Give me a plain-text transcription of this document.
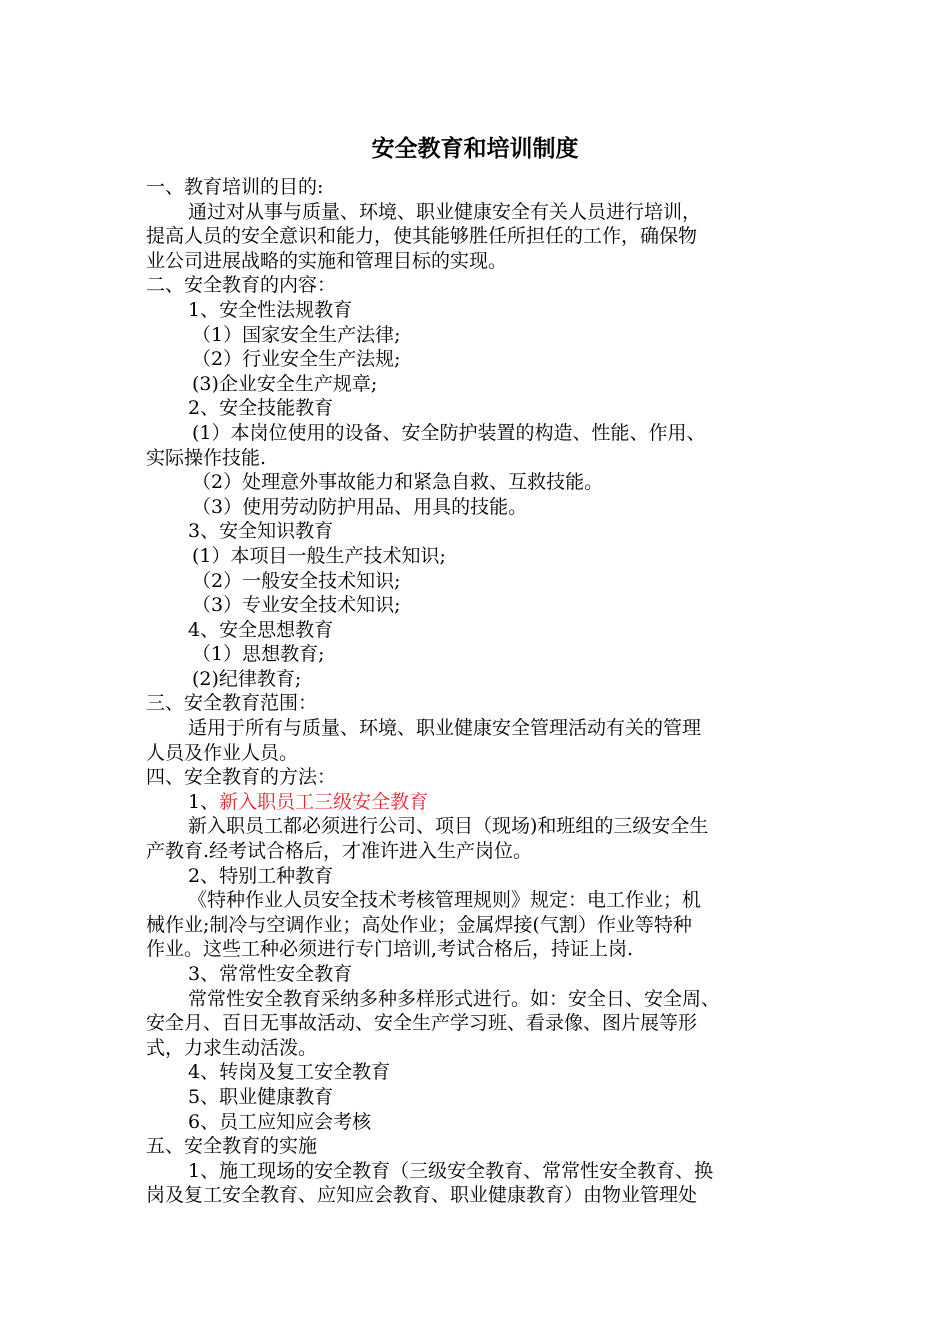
安全教育和培训制度
一、教育培训的目的:
通过对从事与质量、环境、职业健康安全有关人员进行培训，
提高人员的安全意识和能力，使其能够胜任所担任的工作，确保物
业公司进展战略的实施和管理目标的实现。
二、安全教育的内容：
1、安全性法规教育
（1）国家安全生产法律;
（2）行业安全生产法规;
(3)企业安全生产规章;
2、安全技能教育
(1）本岗位使用的设备、安全防护装置的构造、性能、作用、
实际操作技能.
（2）处理意外事故能力和紧急自救、互救技能。
（3）使用劳动防护用品、用具的技能。
3、安全知识教育
(1）本项目一般生产技术知识;
（2）一般安全技术知识;
（3）专业安全技术知识;
4、安全思想教育
（1）思想教育;
(2)纪律教育;
三、安全教育范围：
适用于所有与质量、环境、职业健康安全管理活动有关的管理
人员及作业人员。
四、安全教育的方法：
1、新入职员工三级安全教育
新入职员工都必须进行公司、项目（现场)和班组的三级安全生
产教育.经考试合格后，才准许进入生产岗位。
2、特别工种教育
《特种作业人员安全技术考核管理规则》规定：电工作业；机
械作业;制冷与空调作业；高处作业；金属焊接(气割）作业等特种
作业。这些工种必须进行专门培训,考试合格后，持证上岗.
3、常常性安全教育
常常性安全教育采纳多种多样形式进行。如：安全日、安全周、
安全月、百日无事故活动、安全生产学习班、看录像、图片展等形
式，力求生动活泼。
4、转岗及复工安全教育
5、职业健康教育
6、员工应知应会考核
五、安全教育的实施
1、施工现场的安全教育（三级安全教育、常常性安全教育、换
岗及复工安全教育、应知应会教育、职业健康教育）由物业管理处
